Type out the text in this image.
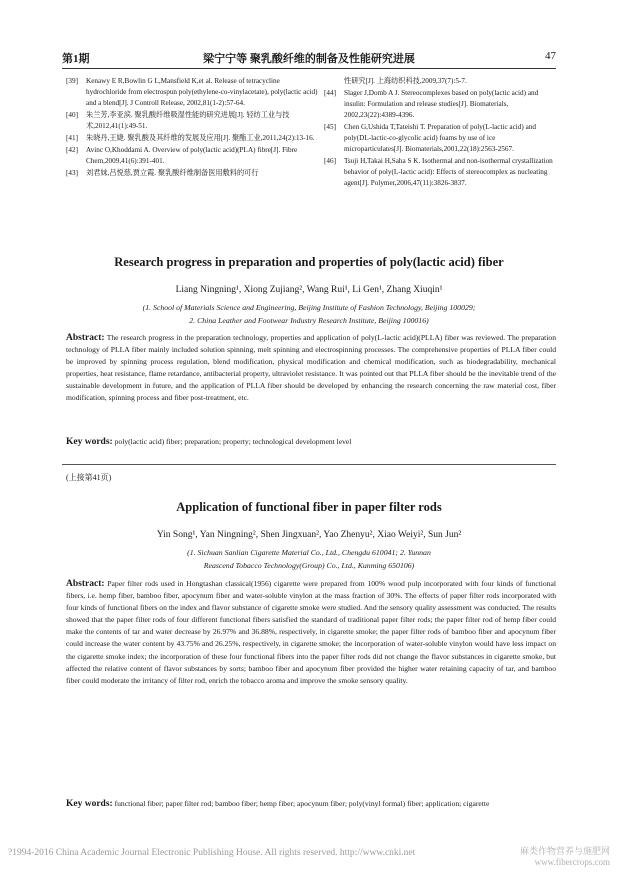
第1期	梁宁宁等 聚乳酸纤维的制备及性能研究进展	47
[39] Kenawy E R,Bowlin G L,Mansfield K,et al. Release of tetracycline hydrochloride from electrospun poly(ethylene-co-vinylacetate), poly(lactic acid) and a blend[J]. J Controll Release, 2002,81(1-2):57-64.
[40] 朱兰芳,李亚滨. 聚乳酸纤维吸湿性能的研究进展[J]. 轻纺工业与技术,2012,41(1):49-51.
[41] 朱晓丹,王婕. 聚乳酸及其纤维的发展及应用[J]. 聚酯工业,2011,24(2):13-16.
[42] Avinc O,Khoddami A. Overview of poly(lactic acid)(PLA) fibre[J]. Fibre Chem,2009,41(6):391-401.
[43] 刘君妹,吕悦慈,贾立霞. 聚乳酸纤维制备医用敷料的可行
性研究[J]. 上海纺织科技,2009,37(7):5-7.
[44] Slager J,Domb A J. Stereocomplexes based on poly(lactic acid) and insulin: Formulation and release studies[J]. Biomaterials, 2002,23(22):4389-4396.
[45] Chen G,Ushida T,Tateishi T. Preparation of poly(L-lactic acid) and poly(DL-lactic-co-glycolic acid) foams by use of ice microparticulates[J]. Biomaterials,2001,22(18):2563-2567.
[46] Tsuji H,Takai H,Saha S K. Isothermal and non-isothermal crystallization behavior of poly(L-lactic acid): Effects of stereocomplex as nucleating agent[J]. Polymer,2006,47(11):3826-3837.
Research progress in preparation and properties of poly(lactic acid) fiber
Liang Ningning¹, Xiong Zujiang², Wang Rui¹, Li Gen¹, Zhang Xiuqin¹
(1. School of Materials Science and Engineering, Beijing Institute of Fashion Technology, Beijing 100029;
2. China Leather and Footwear Industry Research Institute, Beijing 100016)
Abstract: The research progress in the preparation technology, properties and application of poly(L-lactic acid)(PLLA) fiber was reviewed. The preparation technology of PLLA fiber mainly included solution spinning, melt spinning and electrospinning processes. The comprehensive properties of PLLA fiber could be improved by spinning process regulation, blend modification, physical modification and chemical modification, such as biodegradability, mechanical properties, heat resistance, flame retardance, antibacterial property, ultraviolet resistance. It was pointed out that PLLA fiber should be the inevitable trend of the sustainable development in future, and the application of PLLA fiber should be developed by enhancing the research concerning the raw material cost, fiber modification, spinning process and fiber post-treatment, etc.
Key words: poly(lactic acid) fiber; preparation; property; technological development level
(上接第41页)
Application of functional fiber in paper filter rods
Yin Song¹, Yan Ningning², Shen Jingxuan², Yao Zhenyu², Xiao Weiyi², Sun Jun²
(1. Sichuan Sanlian Cigarette Material Co., Ltd., Chengdu 610041; 2. Yunnan
Reascend Tobacco Technology(Group) Co., Ltd., Kunming 650106)
Abstract: Paper filter rods used in Hongtashan classical(1956) cigarette were prepared from 100% wood pulp incorporated with four kinds of functional fibers, i.e. hemp fiber, bamboo fiber, apocynum fiber and water-soluble vinylon at the mass fraction of 30%. The effects of paper filter rods incorporated with four kinds of functional fibers on the index and flavor substance of cigarette smoke were studied. And the sensory quality assessment was conducted. The results showed that the paper filter rods of four different functional fibers satisfied the standard of traditional paper filter rods; the paper filter rod of hemp fiber could make the contents of tar and water decrease by 26.97% and 36.88%, respectively, in cigarette smoke; the paper filter rods of bamboo fiber and apocynum fiber could increase the water content by 43.75% and 26.25%, respectively, in cigarette smoke; the incorporation of water-soluble vinylon would have less impact on the cigarette smoke index; the incorporation of these four functional fibers into the paper filter rods did not change the flavor substances in cigarette smoke, but affected the relative content of flavor substances by sorts; bamboo fiber and apocynum fiber provided the higher water retaining capacity of tar, and bamboo fiber could moderate the irritancy of filter rod, enrich the tobacco aroma and improve the smoke sensory quality.
Key words: functional fiber; paper filter rod; bamboo fiber; hemp fiber; apocynum fiber; poly(vinyl formal) fiber; application; cigarette
?1994-2016 China Academic Journal Electronic Publishing House. All rights reserved. http://www.cnki.net	麻类作物营养与施肥网
www.fibercrops.com
